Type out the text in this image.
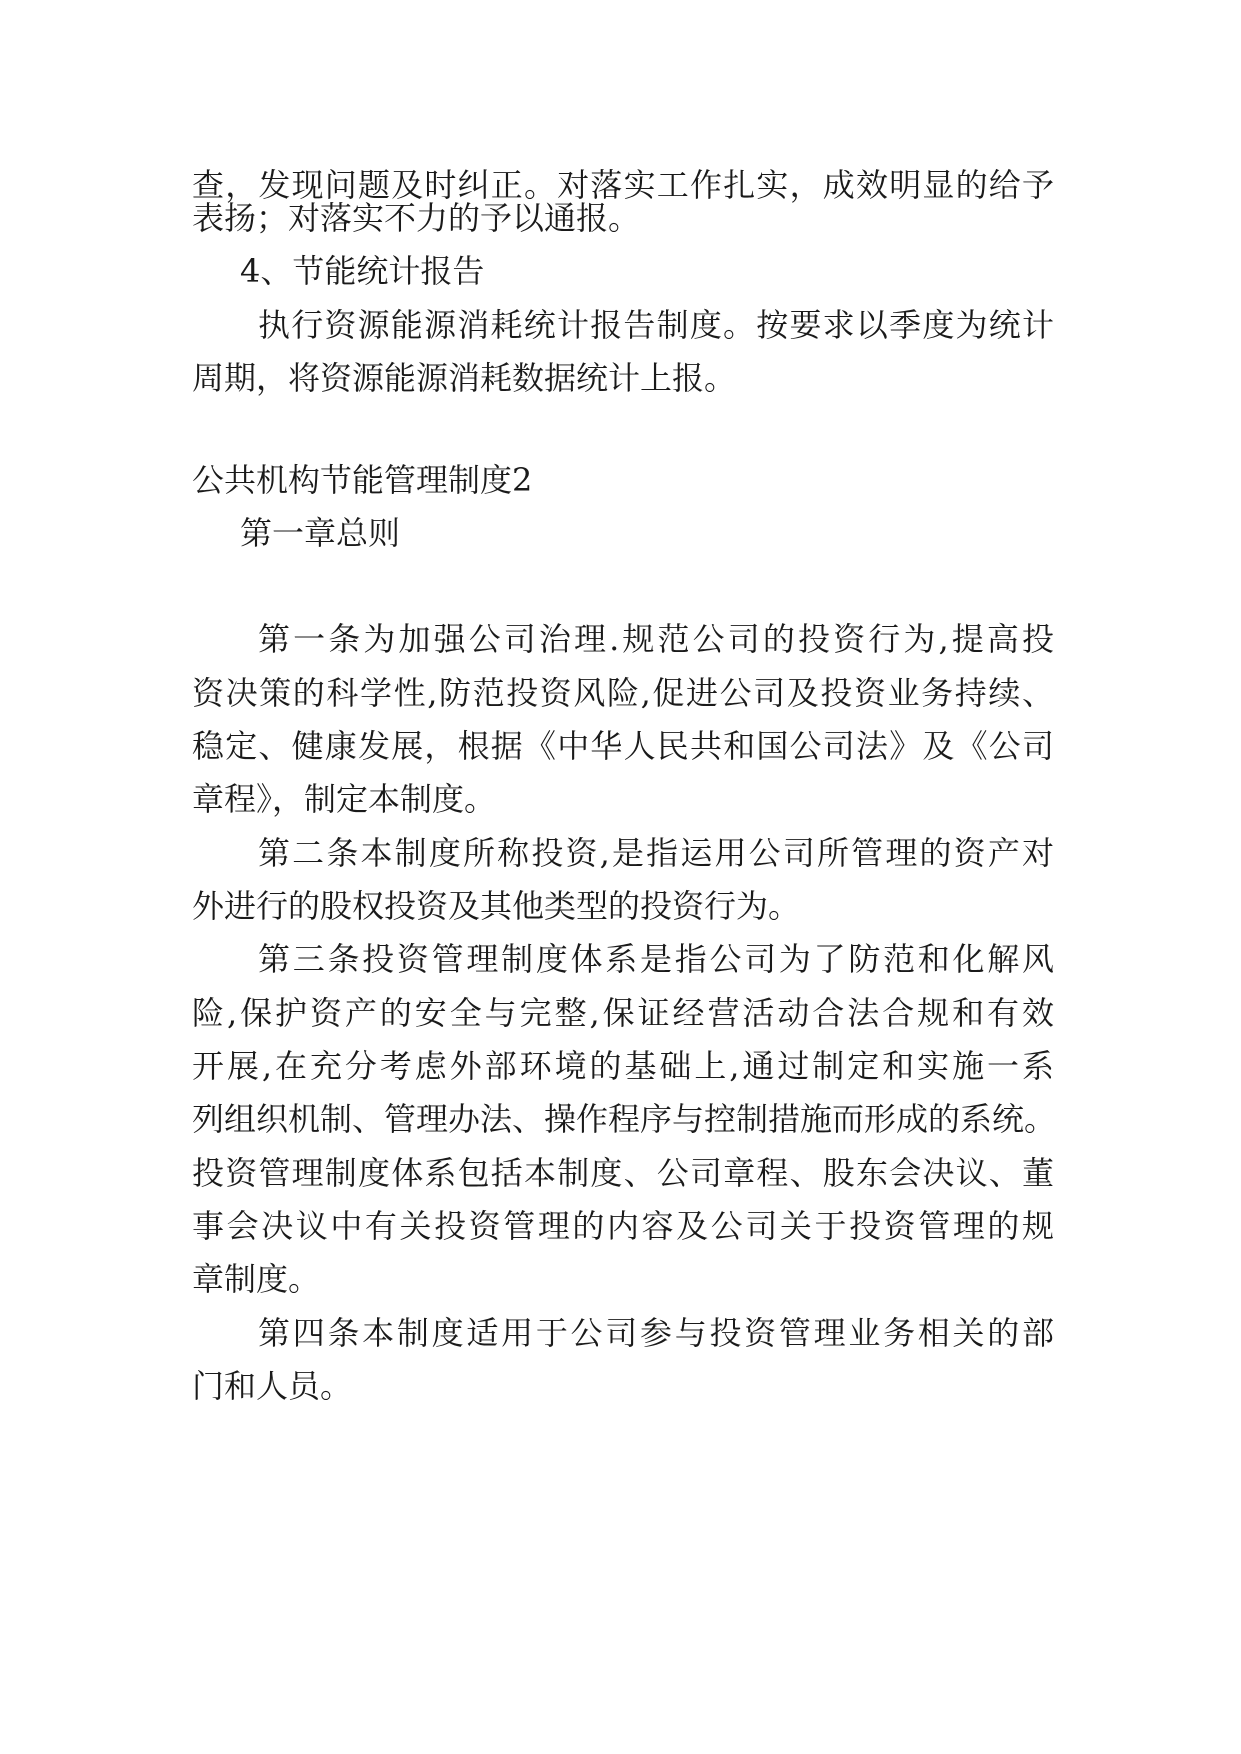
查，发现问题及时纠正。对落实工作扎实，成效明显的给予
表扬；对落实不力的予以通报。
4、节能统计报告
执行资源能源消耗统计报告制度。按要求以季度为统计
周期，将资源能源消耗数据统计上报。
公共机构节能管理制度2
第一章总则
第一条为加强公司治理.规范公司的投资行为,提高投
资决策的科学性,防范投资风险,促进公司及投资业务持续、
稳定、健康发展，根据《中华人民共和国公司法》及《公司
章程》，制定本制度。
第二条本制度所称投资,是指运用公司所管理的资产对
外进行的股权投资及其他类型的投资行为。
第三条投资管理制度体系是指公司为了防范和化解风
险,保护资产的安全与完整,保证经营活动合法合规和有效
开展,在充分考虑外部环境的基础上,通过制定和实施一系
列组织机制、管理办法、操作程序与控制措施而形成的系统。
投资管理制度体系包括本制度、公司章程、股东会决议、董
事会决议中有关投资管理的内容及公司关于投资管理的规
章制度。
第四条本制度适用于公司参与投资管理业务相关的部
门和人员。
